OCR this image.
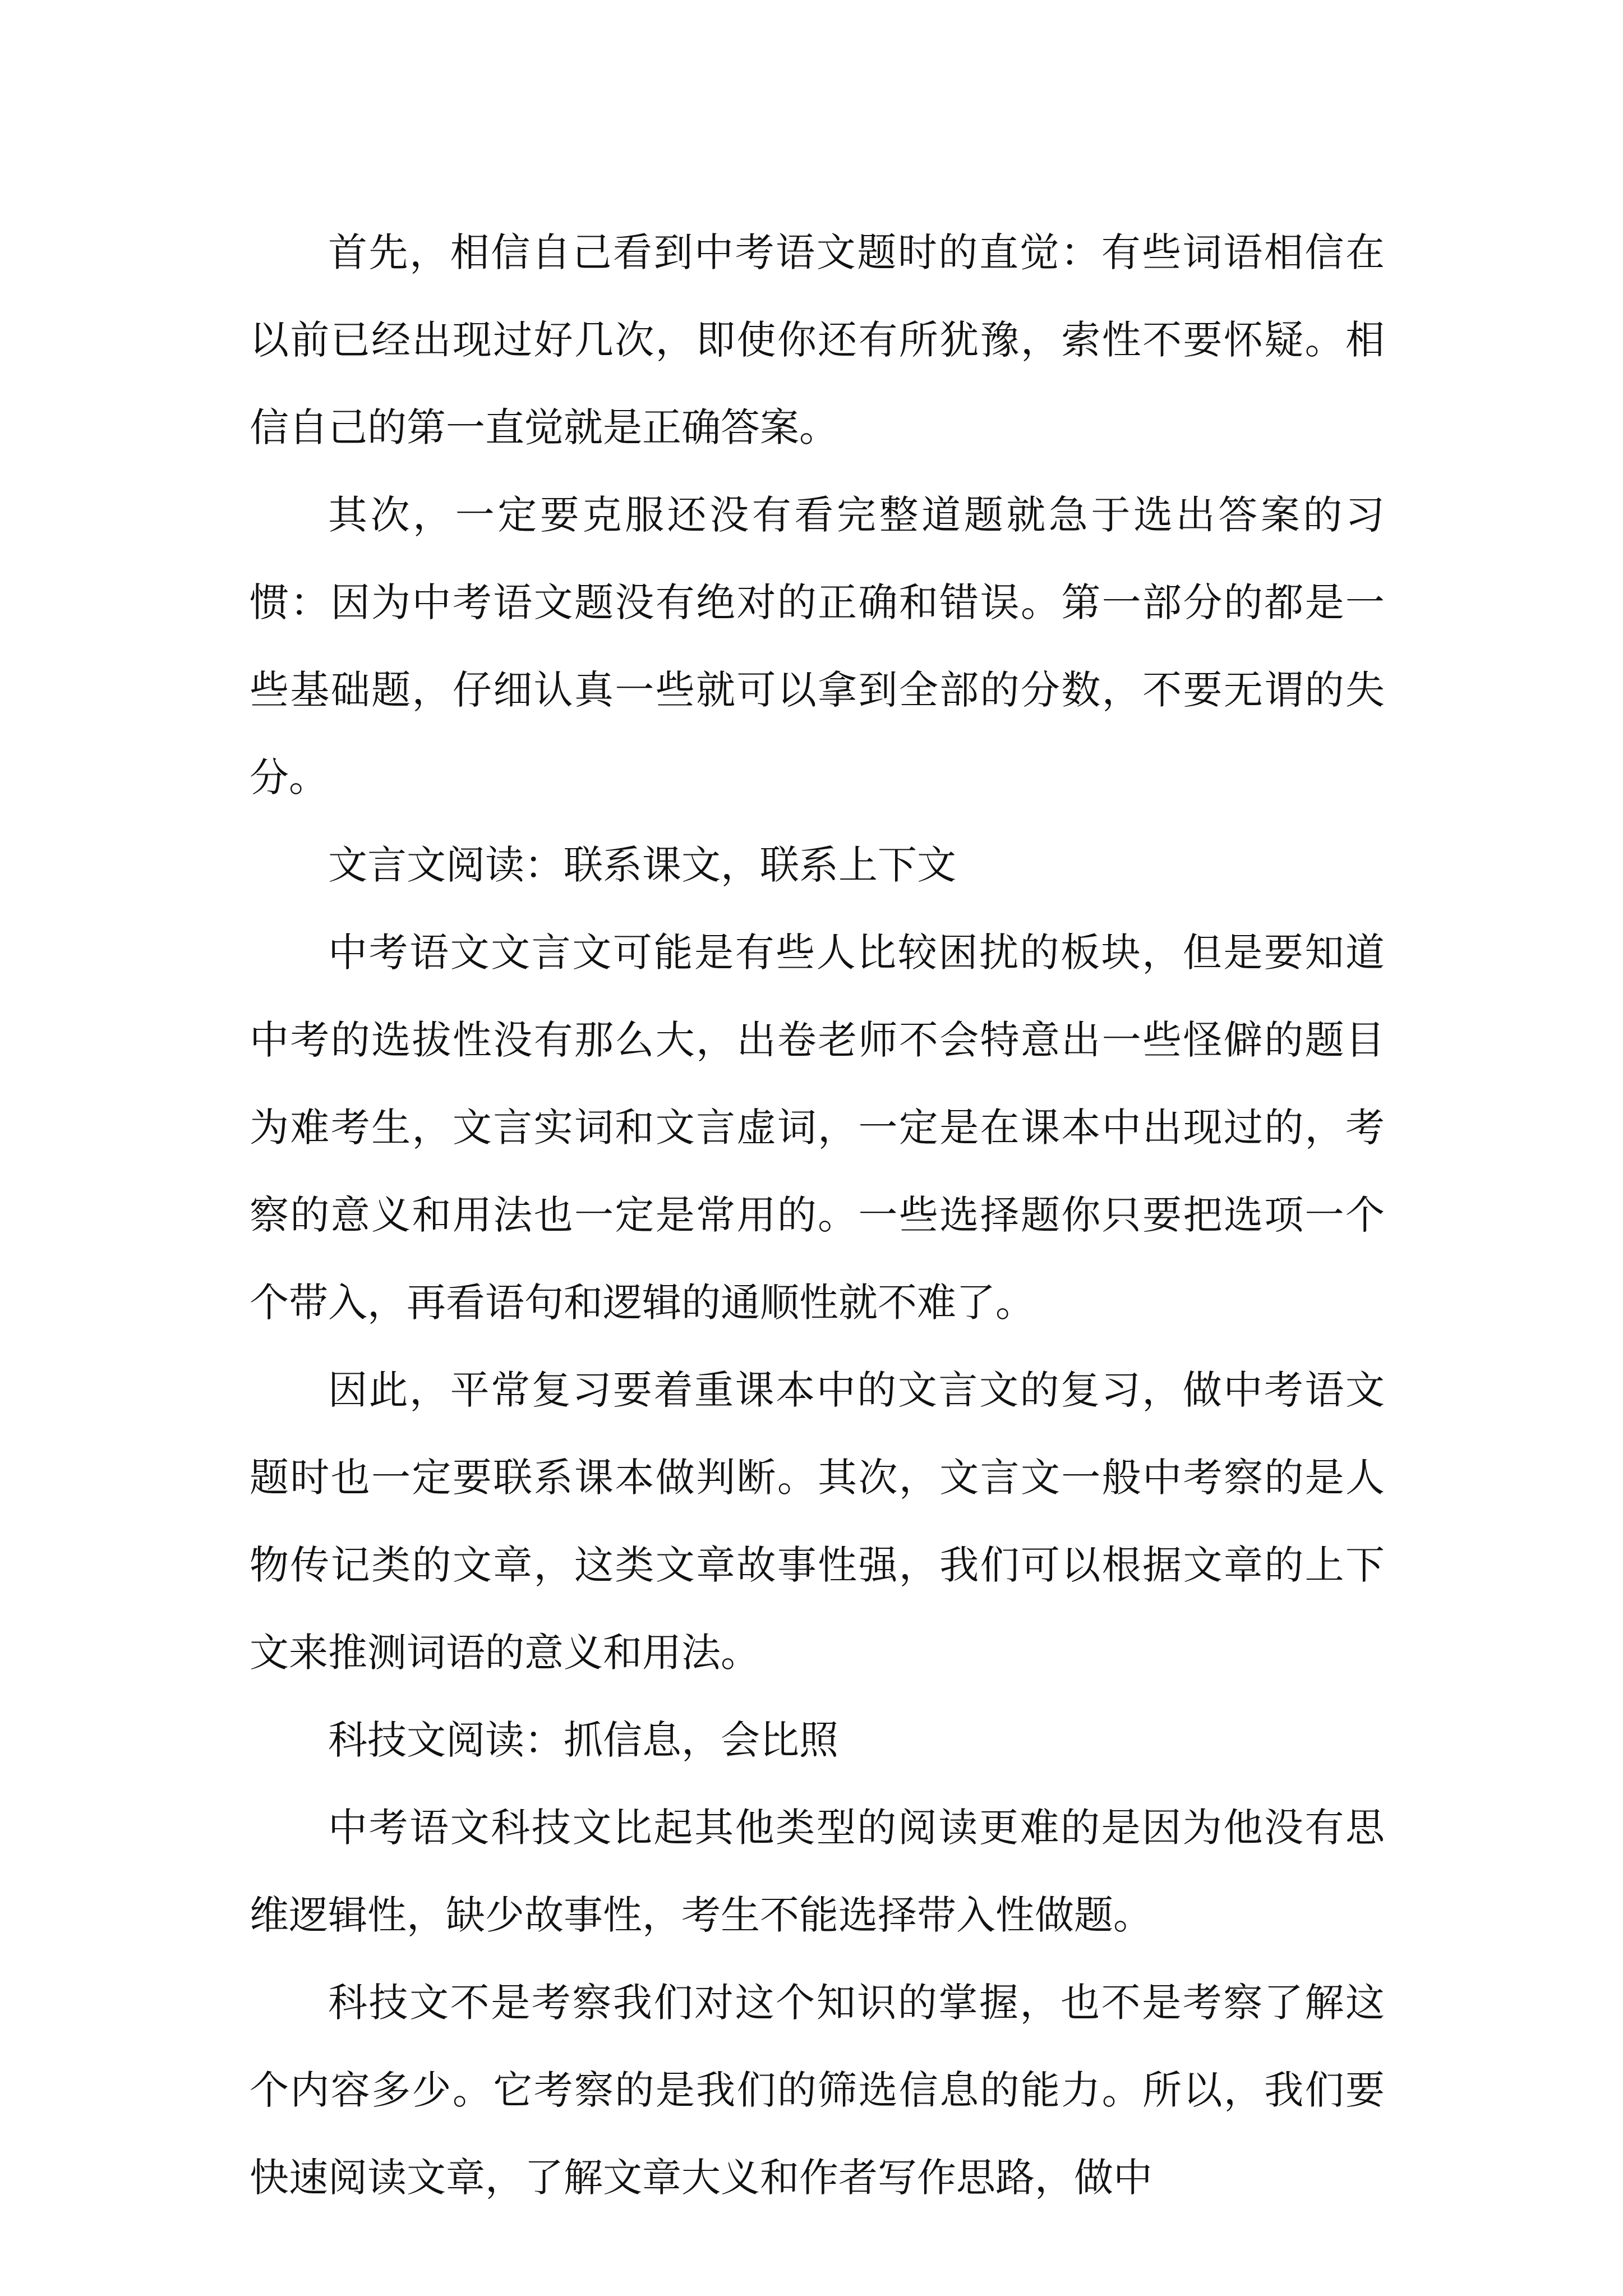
首先，相信自己看到中考语文题时的直觉：有些词语相信在以前已经出现过好几次，即使你还有所犹豫，索性不要怀疑。相信自己的第一直觉就是正确答案。

其次，一定要克服还没有看完整道题就急于选出答案的习惯：因为中考语文题没有绝对的正确和错误。第一部分的都是一些基础题，仔细认真一些就可以拿到全部的分数，不要无谓的失分。

文言文阅读：联系课文，联系上下文

中考语文文言文可能是有些人比较困扰的板块，但是要知道中考的选拔性没有那么大，出卷老师不会特意出一些怪僻的题目为难考生，文言实词和文言虚词，一定是在课本中出现过的，考察的意义和用法也一定是常用的。一些选择题你只要把选项一个个带入，再看语句和逻辑的通顺性就不难了。

因此，平常复习要着重课本中的文言文的复习，做中考语文题时也一定要联系课本做判断。其次，文言文一般中考察的是人物传记类的文章，这类文章故事性强，我们可以根据文章的上下文来推测词语的意义和用法。

科技文阅读：抓信息，会比照

中考语文科技文比起其他类型的阅读更难的是因为他没有思维逻辑性，缺少故事性，考生不能选择带入性做题。

科技文不是考察我们对这个知识的掌握，也不是考察了解这个内容多少。它考察的是我们的筛选信息的能力。所以，我们要快速阅读文章，了解文章大义和作者写作思路，做中
